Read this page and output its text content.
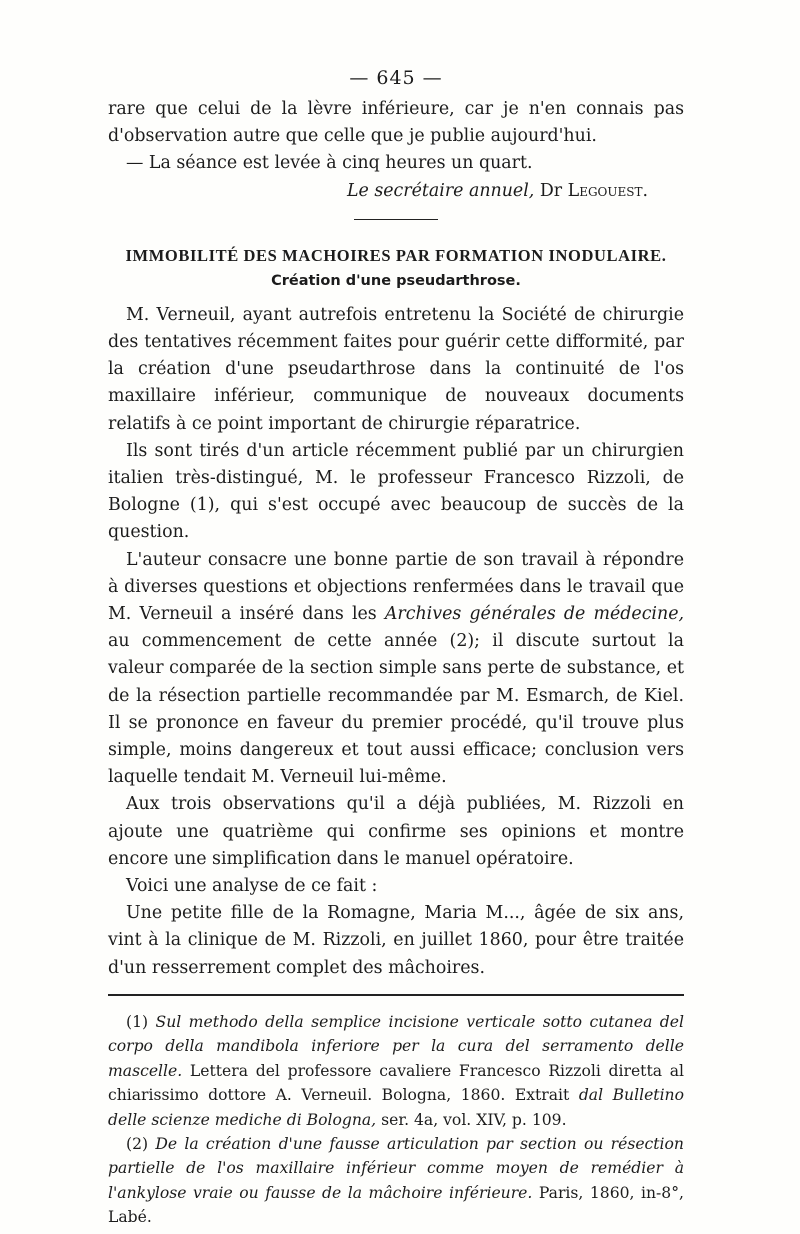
— 645 —

rare que celui de la lèvre inférieure, car je n'en connais pas d'observation autre que celle que je publie aujourd'hui.

— La séance est levée à cinq heures un quart.

Le secrétaire annuel, Dr Legouest.
IMMOBILITÉ DES MACHOIRES PAR FORMATION INODULAIRE.
Création d'une pseudarthrose.

M. Verneuil, ayant autrefois entretenu la Société de chirurgie des tentatives récemment faites pour guérir cette difformité, par la création d'une pseudarthrose dans la continuité de l'os maxillaire inférieur, communique de nouveaux documents relatifs à ce point important de chirurgie réparatrice.

Ils sont tirés d'un article récemment publié par un chirurgien italien très-distingué, M. le professeur Francesco Rizzoli, de Bologne (1), qui s'est occupé avec beaucoup de succès de la question.

L'auteur consacre une bonne partie de son travail à répondre à diverses questions et objections renfermées dans le travail que M. Verneuil a inséré dans les Archives générales de médecine, au commencement de cette année (2); il discute surtout la valeur comparée de la section simple sans perte de substance, et de la résection partielle recommandée par M. Esmarch, de Kiel. Il se prononce en faveur du premier procédé, qu'il trouve plus simple, moins dangereux et tout aussi efficace; conclusion vers laquelle tendait M. Verneuil lui-même.

Aux trois observations qu'il a déjà publiées, M. Rizzoli en ajoute une quatrième qui confirme ses opinions et montre encore une simplification dans le manuel opératoire.

Voici une analyse de ce fait :

Une petite fille de la Romagne, Maria M..., âgée de six ans, vint à la clinique de M. Rizzoli, en juillet 1860, pour être traitée d'un resserrement complet des mâchoires.

(1) Sul methodo della semplice incisione verticale sotto cutanea del corpo della mandibola inferiore per la cura del serramento delle mascelle. Lettera del professore cavaliere Francesco Rizzoli diretta al chiarissimo dottore A. Verneuil. Bologna, 1860. Extrait dal Bulletino delle scienze mediche di Bologna, ser. 4a, vol. XIV, p. 109.

(2) De la création d'une fausse articulation par section ou résection partielle de l'os maxillaire inférieur comme moyen de remédier à l'ankylose vraie ou fausse de la mâchoire inférieure. Paris, 1860, in-8°, Labé.
